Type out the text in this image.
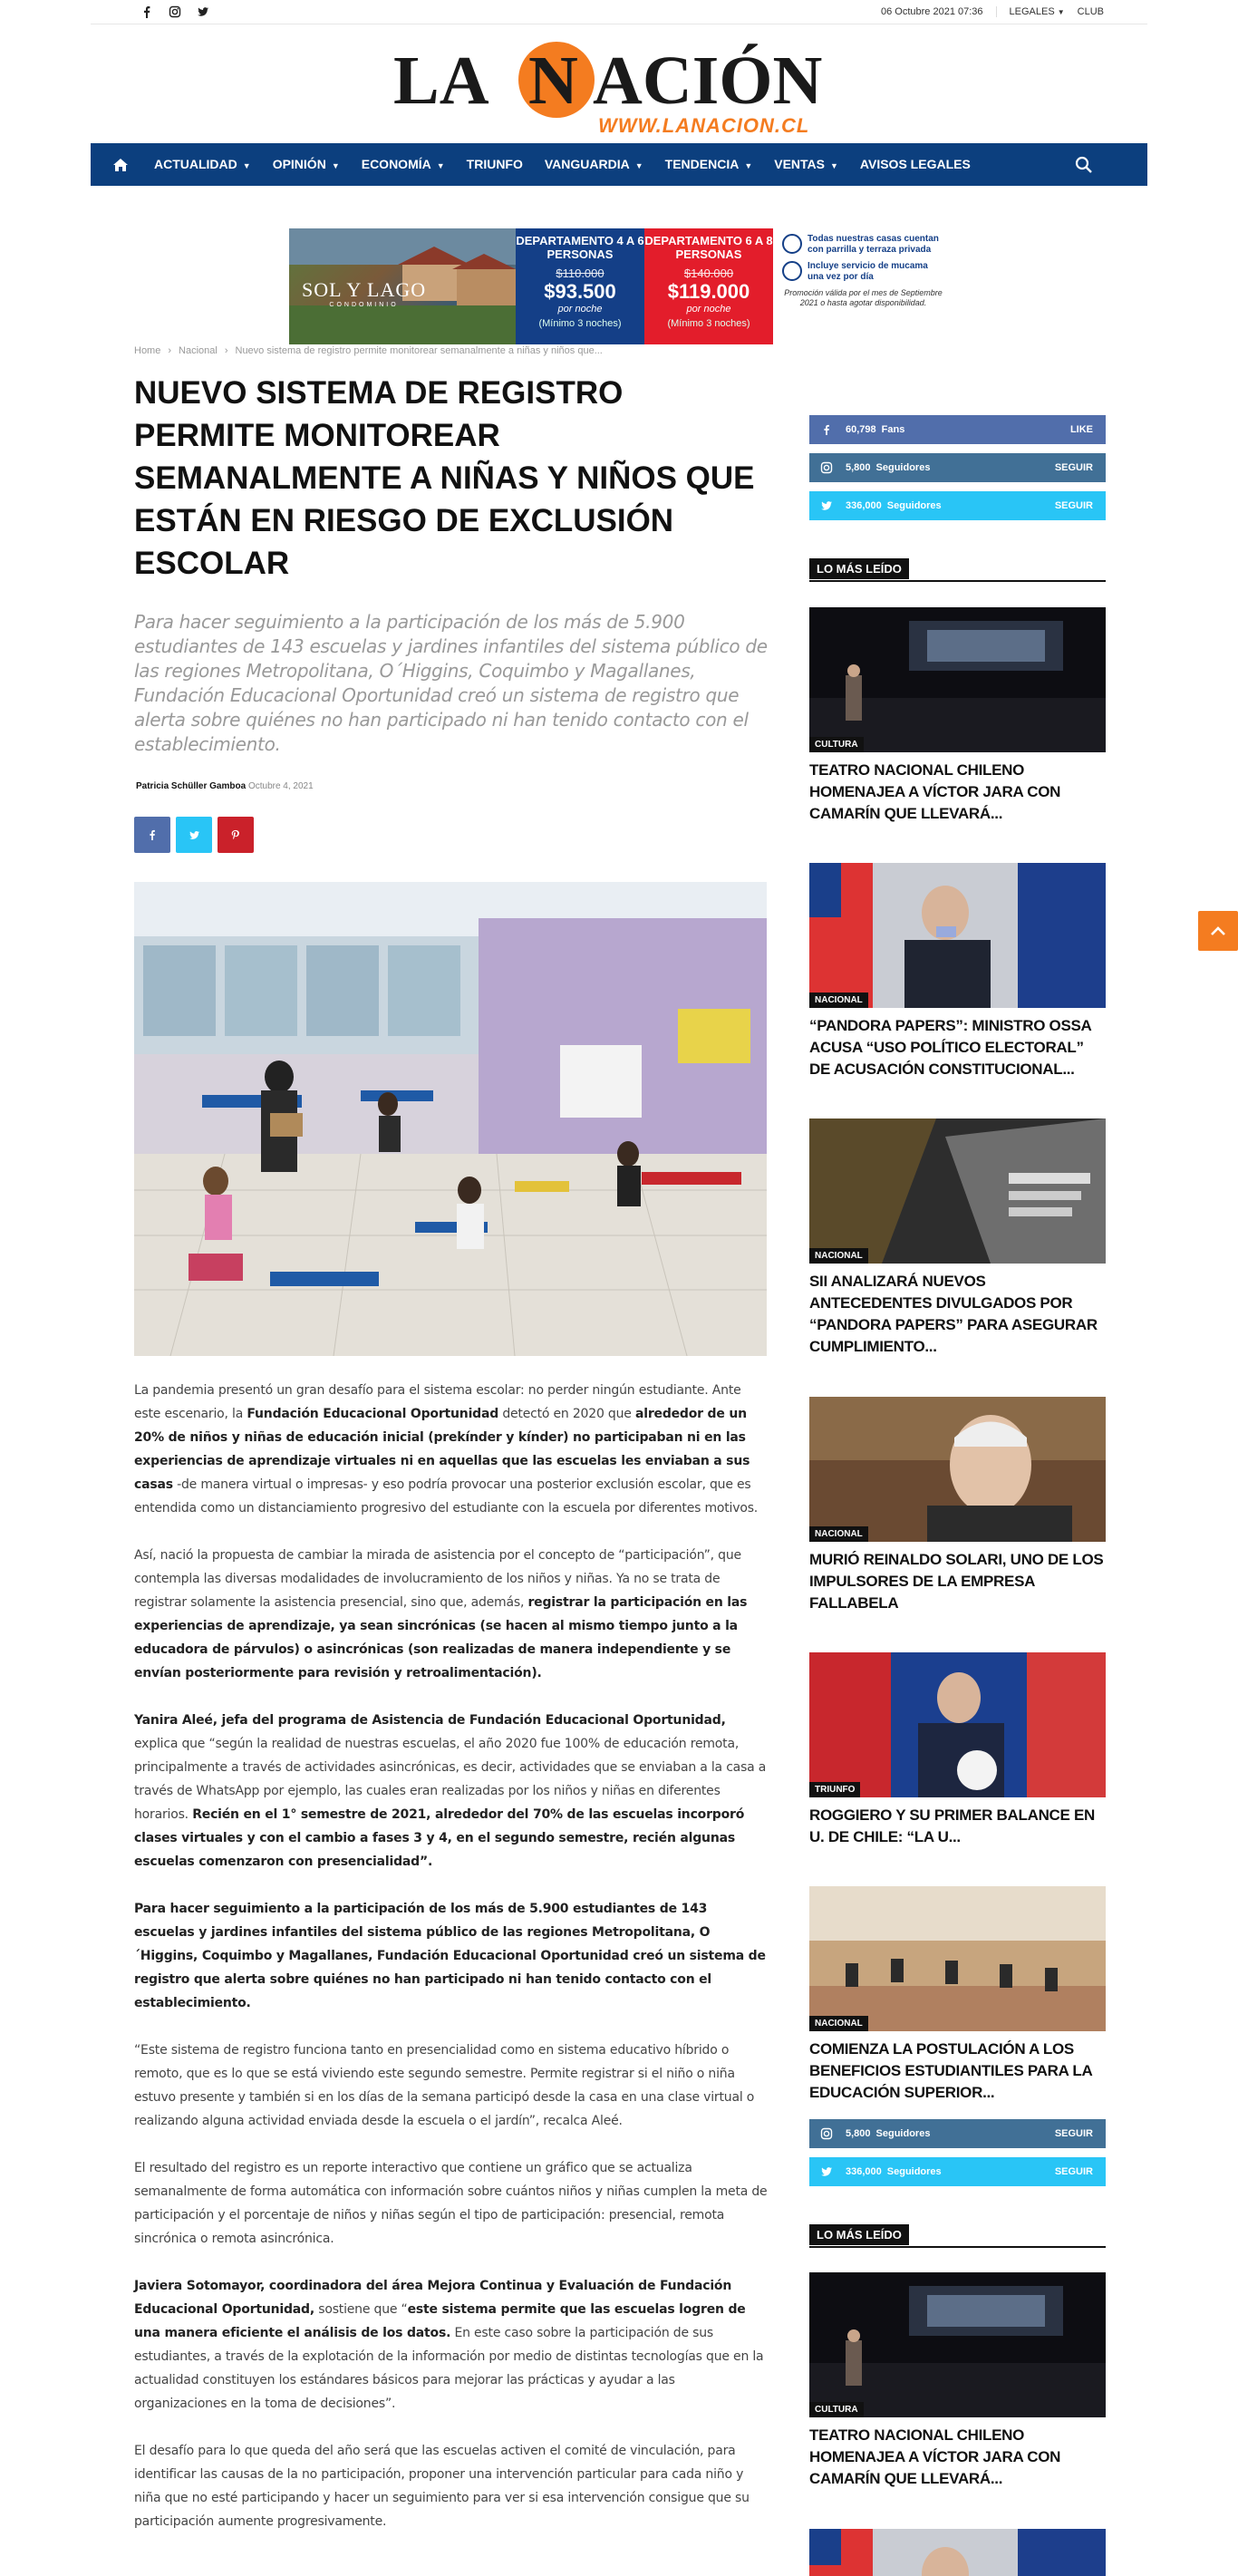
06 Octubre 2021 07:36	LEGALES ▼ CLUB
LA N ACIÓN
WWW.LANACION.CL
ACTUALIDAD ▼	OPINIÓN ▼	ECONOMÍA ▼	TRIUNFO	VANGUARDIA ▼	TENDENCIA ▼	VENTAS ▼	AVISOS LEGALES
SOL Y LAGO
CONDOMINIO
DEPARTAMENTO 4 A 6 PERSONAS
$110.000
$93.500
por noche
(Mínimo 3 noches)
DEPARTAMENTO 6 A 8 PERSONAS
$140.000
$119.000
por noche
(Mínimo 3 noches)
Todas nuestras casas cuentan con parrilla y terraza privada
Incluye servicio de mucama una vez por día
Promoción válida por el mes de Septiembre 2021 o hasta agotar disponibilidad.
Home › Nacional › Nuevo sistema de registro permite monitorear semanalmente a niñas y niños que...
NUEVO SISTEMA DE REGISTRO PERMITE MONITOREAR SEMANALMENTE A NIÑAS Y NIÑOS QUE ESTÁN EN RIESGO DE EXCLUSIÓN ESCOLAR

Para hacer seguimiento a la participación de los más de 5.900 estudiantes de 143 escuelas y jardines infantiles del sistema público de las regiones Metropolitana, O´Higgins, Coquimbo y Magallanes, Fundación Educacional Oportunidad creó un sistema de registro que alerta sobre quiénes no han participado ni han tenido contacto con el establecimiento.

Patricia Schüller Gamboa Octubre 4, 2021

La pandemia presentó un gran desafío para el sistema escolar: no perder ningún estudiante. Ante este escenario, la Fundación Educacional Oportunidad detectó en 2020 que alrededor de un 20% de niños y niñas de educación inicial (prekínder y kínder) no participaban ni en las experiencias de aprendizaje virtuales ni en aquellas que las escuelas les enviaban a sus casas -de manera virtual o impresas- y eso podría provocar una posterior exclusión escolar, que es entendida como un distanciamiento progresivo del estudiante con la escuela por diferentes motivos.

Así, nació la propuesta de cambiar la mirada de asistencia por el concepto de “participación”, que contempla las diversas modalidades de involucramiento de los niños y niñas. Ya no se trata de registrar solamente la asistencia presencial, sino que, además, registrar la participación en las experiencias de aprendizaje, ya sean sincrónicas (se hacen al mismo tiempo junto a la educadora de párvulos) o asincrónicas (son realizadas de manera independiente y se envían posteriormente para revisión y retroalimentación).

Yanira Aleé, jefa del programa de Asistencia de Fundación Educacional Oportunidad, explica que “según la realidad de nuestras escuelas, el año 2020 fue 100% de educación remota, principalmente a través de actividades asincrónicas, es decir, actividades que se enviaban a la casa a través de WhatsApp por ejemplo, las cuales eran realizadas por los niños y niñas en diferentes horarios. Recién en el 1° semestre de 2021, alrededor del 70% de las escuelas incorporó clases virtuales y con el cambio a fases 3 y 4, en el segundo semestre, recién algunas escuelas comenzaron con presencialidad”.

Para hacer seguimiento a la participación de los más de 5.900 estudiantes de 143 escuelas y jardines infantiles del sistema público de las regiones Metropolitana, O´Higgins, Coquimbo y Magallanes, Fundación Educacional Oportunidad creó un sistema de registro que alerta sobre quiénes no han participado ni han tenido contacto con el establecimiento.

“Este sistema de registro funciona tanto en presencialidad como en sistema educativo híbrido o remoto, que es lo que se está viviendo este segundo semestre. Permite registrar si el niño o niña estuvo presente y también si en los días de la semana participó desde la casa en una clase virtual o realizando alguna actividad enviada desde la escuela o el jardín”, recalca Aleé.

El resultado del registro es un reporte interactivo que contiene un gráfico que se actualiza semanalmente de forma automática con información sobre cuántos niños y niñas cumplen la meta de participación y el porcentaje de niños y niñas según el tipo de participación: presencial, remota sincrónica o remota asincrónica.

Javiera Sotomayor, coordinadora del área Mejora Continua y Evaluación de Fundación Educacional Oportunidad, sostiene que “este sistema permite que las escuelas logren de una manera eficiente el análisis de los datos. En este caso sobre la participación de sus estudiantes, a través de la explotación de la información por medio de distintas tecnologías que en la actualidad constituyen los estándares básicos para mejorar las prácticas y ayudar a las organizaciones en la toma de decisiones”.

El desafío para lo que queda del año será que las escuelas activen el comité de vinculación, para identificar las causas de la no participación, proponer una intervención particular para cada niño y niña que no esté participando y hacer un seguimiento para ver si esa intervención consigue que su participación aumente progresivamente.

60,798 Fans	LIKE
5,800 Seguidores	SEGUIR
336,000 Seguidores	SEGUIR
LO MÁS LEÍDO
CULTURA
TEATRO NACIONAL CHILENO HOMENAJEA A VÍCTOR JARA CON CAMARÍN QUE LLEVARÁ...
NACIONAL
“PANDORA PAPERS”: MINISTRO OSSA ACUSA “USO POLÍTICO ELECTORAL” DE ACUSACIÓN CONSTITUCIONAL...
NACIONAL
SII ANALIZARÁ NUEVOS ANTECEDENTES DIVULGADOS POR “PANDORA PAPERS” PARA ASEGURAR CUMPLIMIENTO...
NACIONAL
MURIÓ REINALDO SOLARI, UNO DE LOS IMPULSORES DE LA EMPRESA FALLABELA
TRIUNFO
ROGGIERO Y SU PRIMER BALANCE EN U. DE CHILE: “LA U...
NACIONAL
COMIENZA LA POSTULACIÓN A LOS BENEFICIOS ESTUDIANTILES PARA LA EDUCACIÓN SUPERIOR...
5,800 Seguidores	SEGUIR
336,000 Seguidores	SEGUIR
LO MÁS LEÍDO
CULTURA
TEATRO NACIONAL CHILENO HOMENAJEA A VÍCTOR JARA CON CAMARÍN QUE LLEVARÁ...
